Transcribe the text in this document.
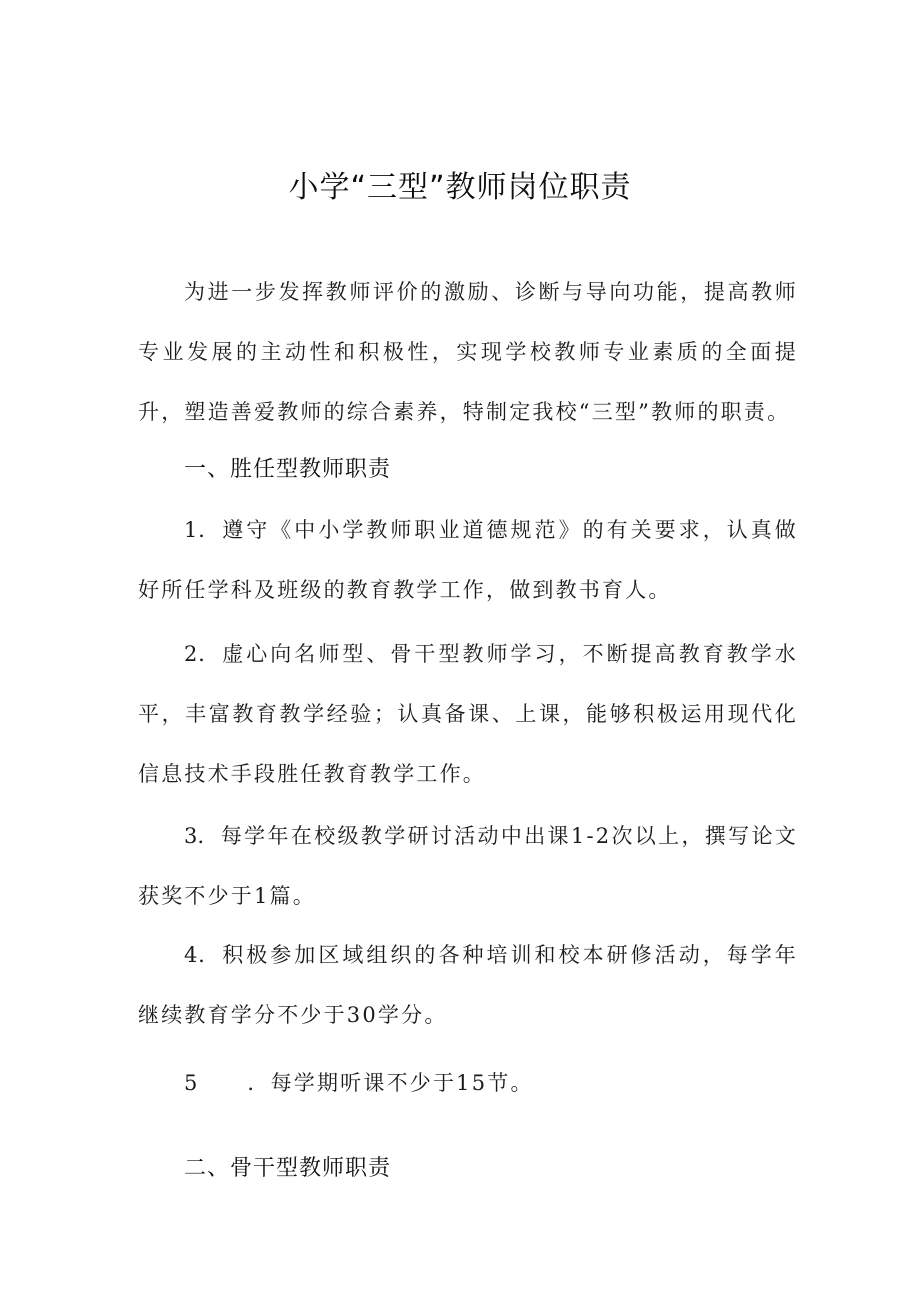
小学“三型”教师岗位职责

为进一步发挥教师评价的激励、诊断与导向功能，提高教师专业发展的主动性和积极性，实现学校教师专业素质的全面提升，塑造善爱教师的综合素养，特制定我校“三型”教师的职责。

一、胜任型教师职责

1．遵守《中小学教师职业道德规范》的有关要求，认真做好所任学科及班级的教育教学工作，做到教书育人。

2．虚心向名师型、骨干型教师学习，不断提高教育教学水平，丰富教育教学经验；认真备课、上课，能够积极运用现代化信息技术手段胜任教育教学工作。

3．每学年在校级教学研讨活动中出课1-2次以上，撰写论文获奖不少于1篇。

4．积极参加区域组织的各种培训和校本研修活动，每学年继续教育学分不少于30学分。

5 ．每学期听课不少于15节。

二、骨干型教师职责
